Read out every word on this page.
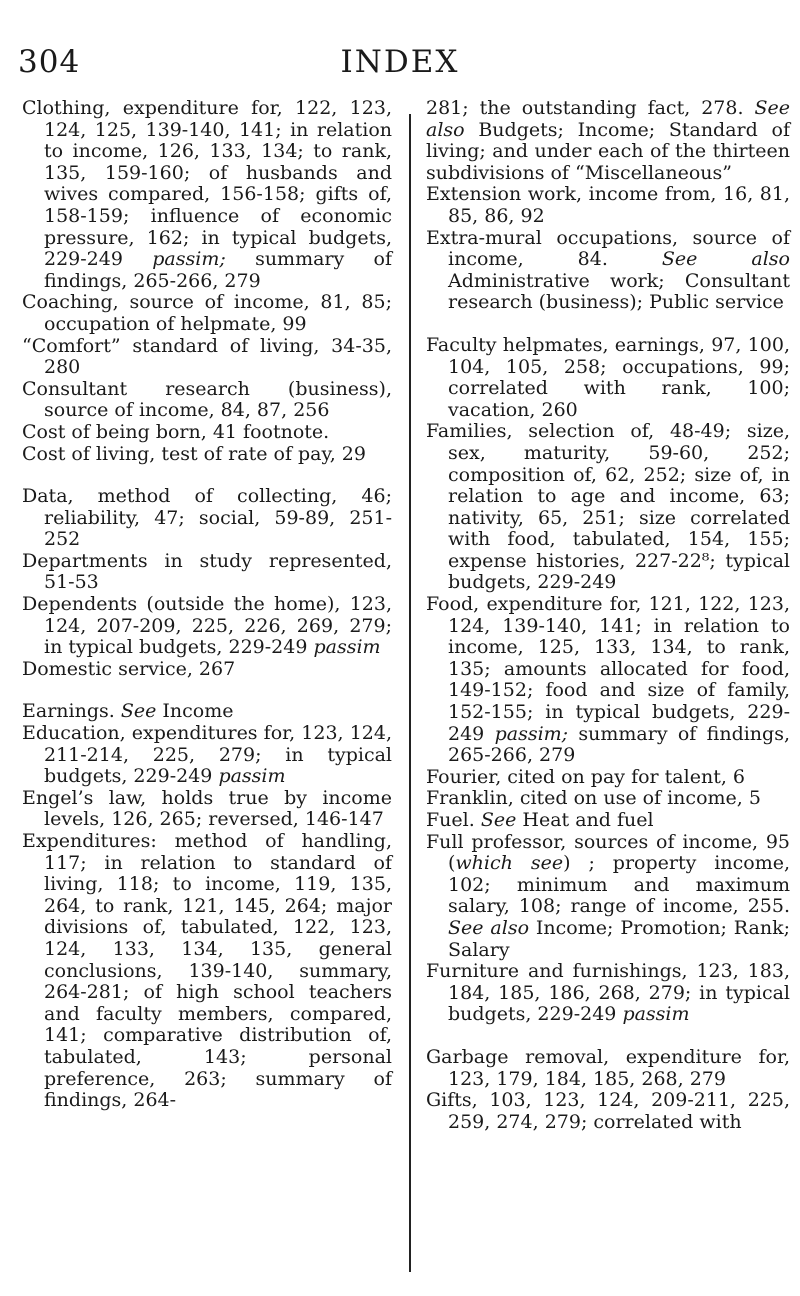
304	INDEX

Clothing, expenditure for, 122, 123, 124, 125, 139-140, 141; in relation to income, 126, 133, 134; to rank, 135, 159-160; of husbands and wives compared, 156-158; gifts of, 158-159; influence of economic pressure, 162; in typical budgets, 229-249 passim; summary of findings, 265-266, 279

Coaching, source of income, 81, 85; occupation of helpmate, 99

“Comfort” standard of living, 34-35, 280

Consultant research (business), source of income, 84, 87, 256

Cost of being born, 41 footnote.

Cost of living, test of rate of pay, 29

Data, method of collecting, 46; reliability, 47; social, 59-89, 251-252

Departments in study represented, 51-53

Dependents (outside the home), 123, 124, 207-209, 225, 226, 269, 279; in typical budgets, 229-249 passim

Domestic service, 267

Earnings. See Income

Education, expenditures for, 123, 124, 211-214, 225, 279; in typical budgets, 229-249 passim

Engel’s law, holds true by income levels, 126, 265; reversed, 146-147

Expenditures: method of handling, 117; in relation to standard of living, 118; to income, 119, 135, 264, to rank, 121, 145, 264; major divisions of, tabulated, 122, 123, 124, 133, 134, 135, general conclusions, 139-140, summary, 264-281; of high school teachers and faculty members, compared, 141; comparative distribution of, tabulated, 143; personal preference, 263; summary of findings, 264-

281; the outstanding fact, 278. See also Budgets; Income; Standard of living; and under each of the thirteen subdivisions of “Miscellaneous”

Extension work, income from, 16, 81, 85, 86, 92

Extra-mural occupations, source of income, 84. See also Administrative work; Consultant research (business); Public service

Faculty helpmates, earnings, 97, 100, 104, 105, 258; occupations, 99; correlated with rank, 100; vacation, 260

Families, selection of, 48-49; size, sex, maturity, 59-60, 252; composition of, 62, 252; size of, in relation to age and income, 63; nativity, 65, 251; size correlated with food, tabulated, 154, 155; expense histories, 227-22⁸; typical budgets, 229-249

Food, expenditure for, 121, 122, 123, 124, 139-140, 141; in relation to income, 125, 133, 134, to rank, 135; amounts allocated for food, 149-152; food and size of family, 152-155; in typical budgets, 229-249 passim; summary of findings, 265-266, 279

Fourier, cited on pay for talent, 6

Franklin, cited on use of income, 5

Fuel. See Heat and fuel

Full professor, sources of income, 95 (which see) ; property income, 102; minimum and maximum salary, 108; range of income, 255. See also Income; Promotion; Rank; Salary

Furniture and furnishings, 123, 183, 184, 185, 186, 268, 279; in typical budgets, 229-249 passim

Garbage removal, expenditure for, 123, 179, 184, 185, 268, 279

Gifts, 103, 123, 124, 209-211, 225, 259, 274, 279; correlated with
